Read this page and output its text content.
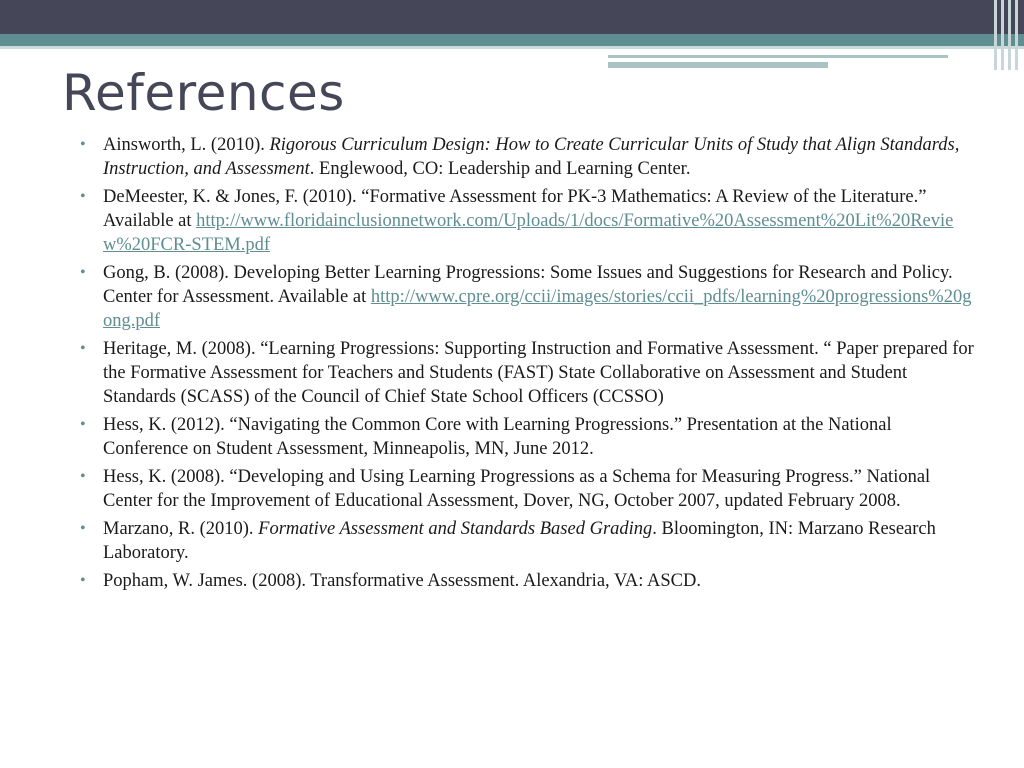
References
• Ainsworth, L. (2010). Rigorous Curriculum Design: How to Create Curricular Units of Study that Align Standards, Instruction, and Assessment. Englewood, CO: Leadership and Learning Center.
• DeMeester, K. & Jones, F. (2010). “Formative Assessment for PK-3 Mathematics: A Review of the Literature.” Available at http://www.floridainclusionnetwork.com/Uploads/1/docs/Formative%20Assessment%20Lit%20Review%20FCR-STEM.pdf
• Gong, B. (2008). Developing Better Learning Progressions: Some Issues and Suggestions for Research and Policy. Center for Assessment. Available at http://www.cpre.org/ccii/images/stories/ccii_pdfs/learning%20progressions%20gong.pdf
• Heritage, M. (2008). “Learning Progressions: Supporting Instruction and Formative Assessment. “ Paper prepared for the Formative Assessment for Teachers and Students (FAST) State Collaborative on Assessment and Student Standards (SCASS) of the Council of Chief State School Officers (CCSSO)
• Hess, K. (2012). “Navigating the Common Core with Learning Progressions.” Presentation at the National Conference on Student Assessment, Minneapolis, MN, June 2012.
• Hess, K. (2008). “Developing and Using Learning Progressions as a Schema for Measuring Progress.” National Center for the Improvement of Educational Assessment, Dover, NG, October 2007, updated February 2008.
• Marzano, R. (2010). Formative Assessment and Standards Based Grading. Bloomington, IN: Marzano Research Laboratory.
• Popham, W. James. (2008). Transformative Assessment. Alexandria, VA: ASCD.
